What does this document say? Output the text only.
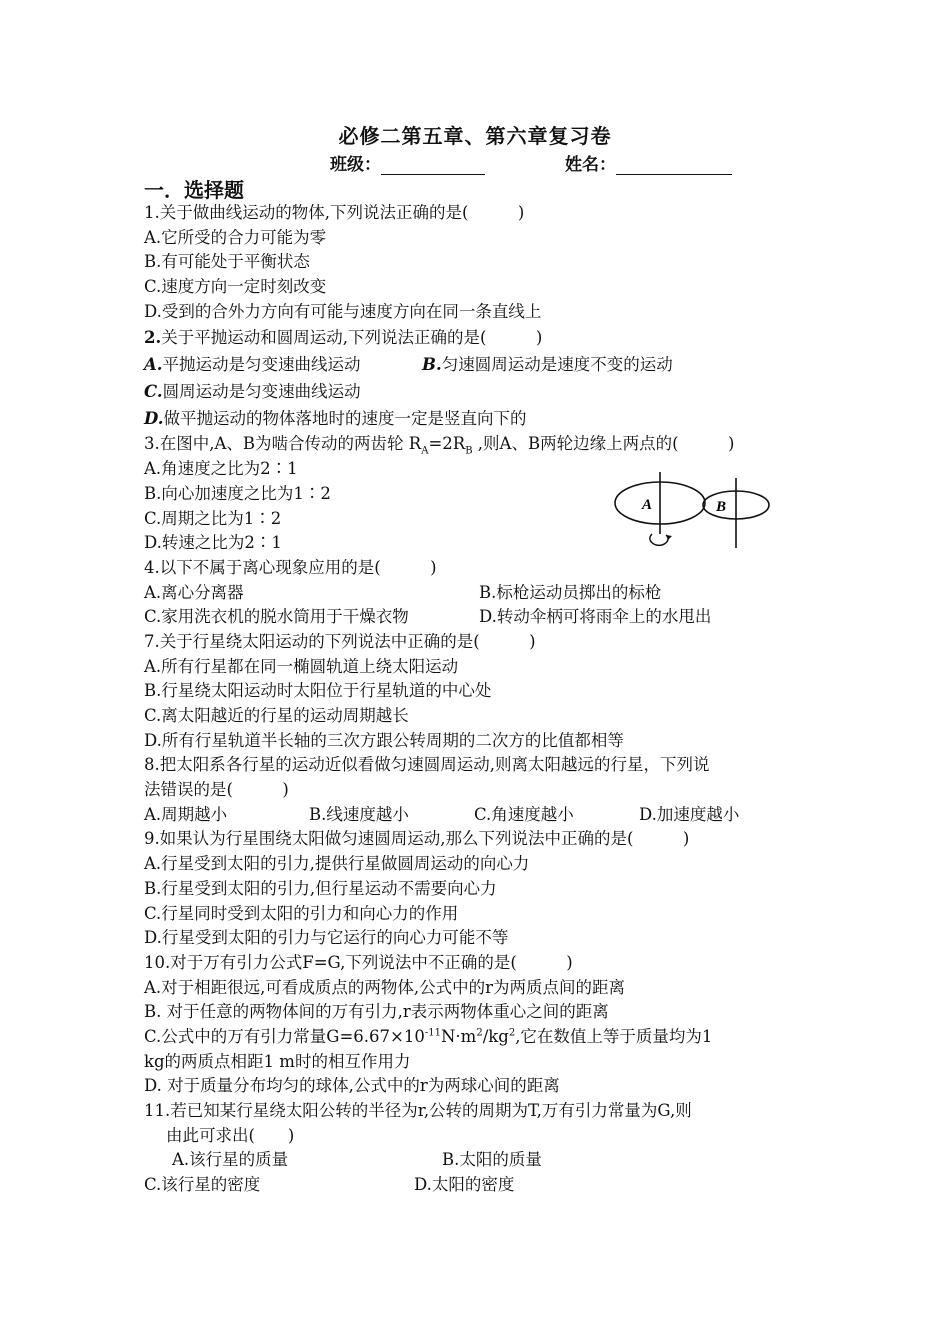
必修二第五章、第六章复习卷
班级：	姓名：
一．选择题
1.关于做曲线运动的物体,下列说法正确的是(　　　)
A.它所受的合力可能为零
B.有可能处于平衡状态
C.速度方向一定时刻改变
D.受到的合外力方向有可能与速度方向在同一条直线上
2.关于平抛运动和圆周运动,下列说法正确的是(　　　)
A.平抛运动是匀变速曲线运动	B.匀速圆周运动是速度不变的运动
C.圆周运动是匀变速曲线运动
D.做平抛运动的物体落地时的速度一定是竖直向下的
3.在图中,A、B为啮合传动的两齿轮 $R_A=2R_B$ ,则A、B两轮边缘上两点的(　　　)
A.角速度之比为2∶1
B.向心加速度之比为1∶2
C.周期之比为1∶2
D.转速之比为2∶1
4.以下不属于离心现象应用的是(　　　)
A.离心分离器	B.标枪运动员掷出的标枪
C.家用洗衣机的脱水筒用于干燥衣物	D.转动伞柄可将雨伞上的水甩出
7.关于行星绕太阳运动的下列说法中正确的是(　　　)
A.所有行星都在同一椭圆轨道上绕太阳运动
B.行星绕太阳运动时太阳位于行星轨道的中心处
C.离太阳越近的行星的运动周期越长
D.所有行星轨道半长轴的三次方跟公转周期的二次方的比值都相等
8.把太阳系各行星的运动近似看做匀速圆周运动,则离太阳越远的行星，下列说
法错误的是(　　　)
A.周期越小	B.线速度越小	C.角速度越小	D.加速度越小
9.如果认为行星围绕太阳做匀速圆周运动,那么下列说法中正确的是(　　　)
A.行星受到太阳的引力,提供行星做圆周运动的向心力
B.行星受到太阳的引力,但行星运动不需要向心力
C.行星同时受到太阳的引力和向心力的作用
D.行星受到太阳的引力与它运行的向心力可能不等
10.对于万有引力公式F=G,下列说法中不正确的是(　　　)
A.对于相距很远,可看成质点的两物体,公式中的r为两质点间的距离
B. 对于任意的两物体间的万有引力,r表示两物体重心之间的距离
C.公式中的万有引力常量$G=6.67\times 10^{-11}N\cdot m^2/kg^2$,它在数值上等于质量均为1
kg的两质点相距1 m时的相互作用力
D. 对于质量分布均匀的球体,公式中的r为两球心间的距离
11.若已知某行星绕太阳公转的半径为r,公转的周期为T,万有引力常量为G,则
由此可求出(　　)
A.该行星的质量	B.太阳的质量
C.该行星的密度	D.太阳的密度
A	B
